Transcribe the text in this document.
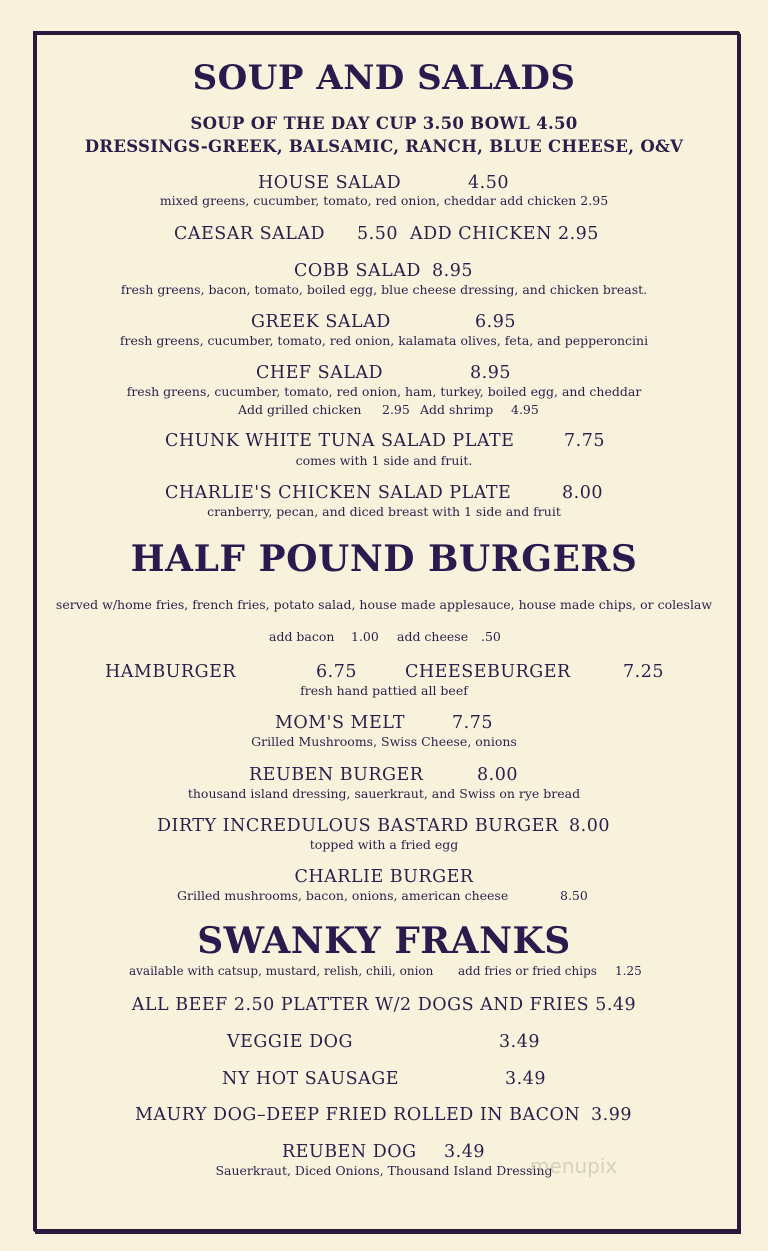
SOUP AND SALADS
SOUP OF THE DAY CUP 3.50 BOWL 4.50
DRESSINGS-GREEK, BALSAMIC, RANCH, BLUE CHEESE, O&V
HOUSE SALAD	4.50
mixed greens, cucumber, tomato, red onion, cheddar add chicken 2.95
CAESAR SALAD 5.50 ADD CHICKEN 2.95
COBB SALAD 8.95
fresh greens, bacon, tomato, boiled egg, blue cheese dressing, and chicken breast.
GREEK SALAD	6.95
fresh greens, cucumber, tomato, red onion, kalamata olives, feta, and pepperoncini
CHEF SALAD	8.95
fresh greens, cucumber, tomato, red onion, ham, turkey, boiled egg, and cheddar
Add grilled chicken 2.95 Add shrimp 4.95
CHUNK WHITE TUNA SALAD PLATE	7.75
comes with 1 side and fruit.
CHARLIE'S CHICKEN SALAD PLATE	8.00
cranberry, pecan, and diced breast with 1 side and fruit
HALF POUND BURGERS
served w/home fries, french fries, potato salad, house made applesauce, house made chips, or coleslaw
add bacon 1.00 add cheese .50
HAMBURGER	6.75	CHEESEBURGER	7.25
fresh hand pattied all beef
MOM'S MELT	7.75
Grilled Mushrooms, Swiss Cheese, onions
REUBEN BURGER	8.00
thousand island dressing, sauerkraut, and Swiss on rye bread
DIRTY INCREDULOUS BASTARD BURGER 8.00
topped with a fried egg
CHARLIE BURGER
Grilled mushrooms, bacon, onions, american cheese	8.50
SWANKY FRANKS
available with catsup, mustard, relish, chili, onion add fries or fried chips 1.25
ALL BEEF 2.50 PLATTER W/2 DOGS AND FRIES 5.49
VEGGIE DOG	3.49
NY HOT SAUSAGE	3.49
MAURY DOG–DEEP FRIED ROLLED IN BACON 3.99
REUBEN DOG 3.49
Sauerkraut, Diced Onions, Thousand Island Dressing
menupix
